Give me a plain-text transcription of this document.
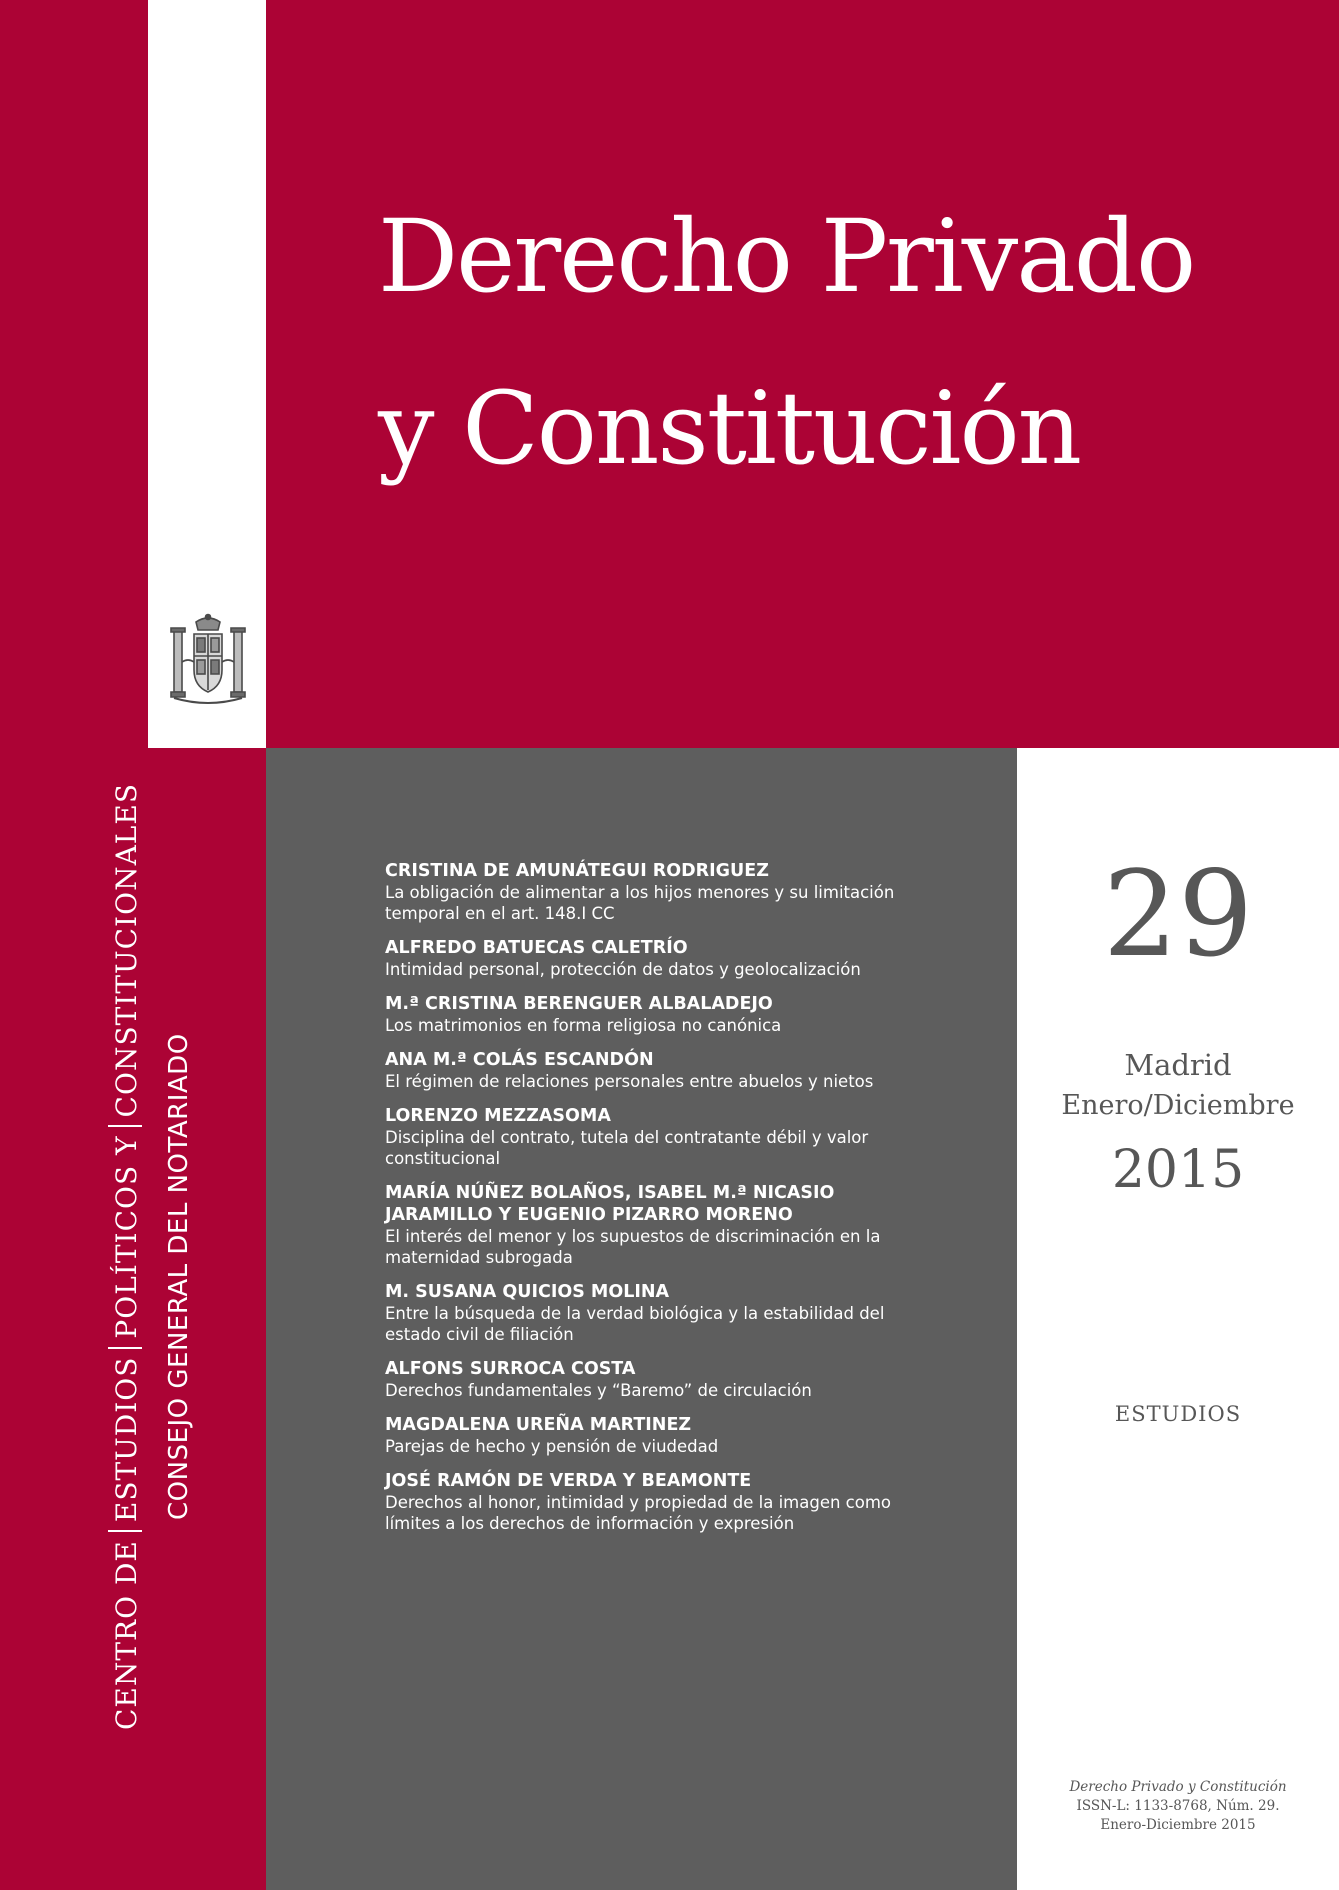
Derecho Privado
y Constitución
CENTRO DEESTUDIOSPOLÍTICOS YCONSTITUCIONALES
CONSEJO GENERAL DEL NOTARIADO
CRISTINA DE AMUNÁTEGUI RODRIGUEZ
La obligación de alimentar a los hijos menores y su limitación
temporal en el art. 148.I CC
ALFREDO BATUECAS CALETRÍO
Intimidad personal, protección de datos y geolocalización
M.ª CRISTINA BERENGUER ALBALADEJO
Los matrimonios en forma religiosa no canónica
ANA M.ª COLÁS ESCANDÓN
El régimen de relaciones personales entre abuelos y nietos
LORENZO MEZZASOMA
Disciplina del contrato, tutela del contratante débil y valor
constitucional
MARÍA NÚÑEZ BOLAÑOS, ISABEL M.ª NICASIO
JARAMILLO Y EUGENIO PIZARRO MORENO
El interés del menor y los supuestos de discriminación en la
maternidad subrogada
M. SUSANA QUICIOS MOLINA
Entre la búsqueda de la verdad biológica y la estabilidad del
estado civil de filiación
ALFONS SURROCA COSTA
Derechos fundamentales y “Baremo” de circulación
MAGDALENA UREÑA MARTINEZ
Parejas de hecho y pensión de viudedad
JOSÉ RAMÓN DE VERDA Y BEAMONTE
Derechos al honor, intimidad y propiedad de la imagen como
límites a los derechos de información y expresión
29
Madrid
Enero/Diciembre
2015
ESTUDIOS
Derecho Privado y Constitución
ISSN-L: 1133-8768, Núm. 29.
Enero-Diciembre 2015
